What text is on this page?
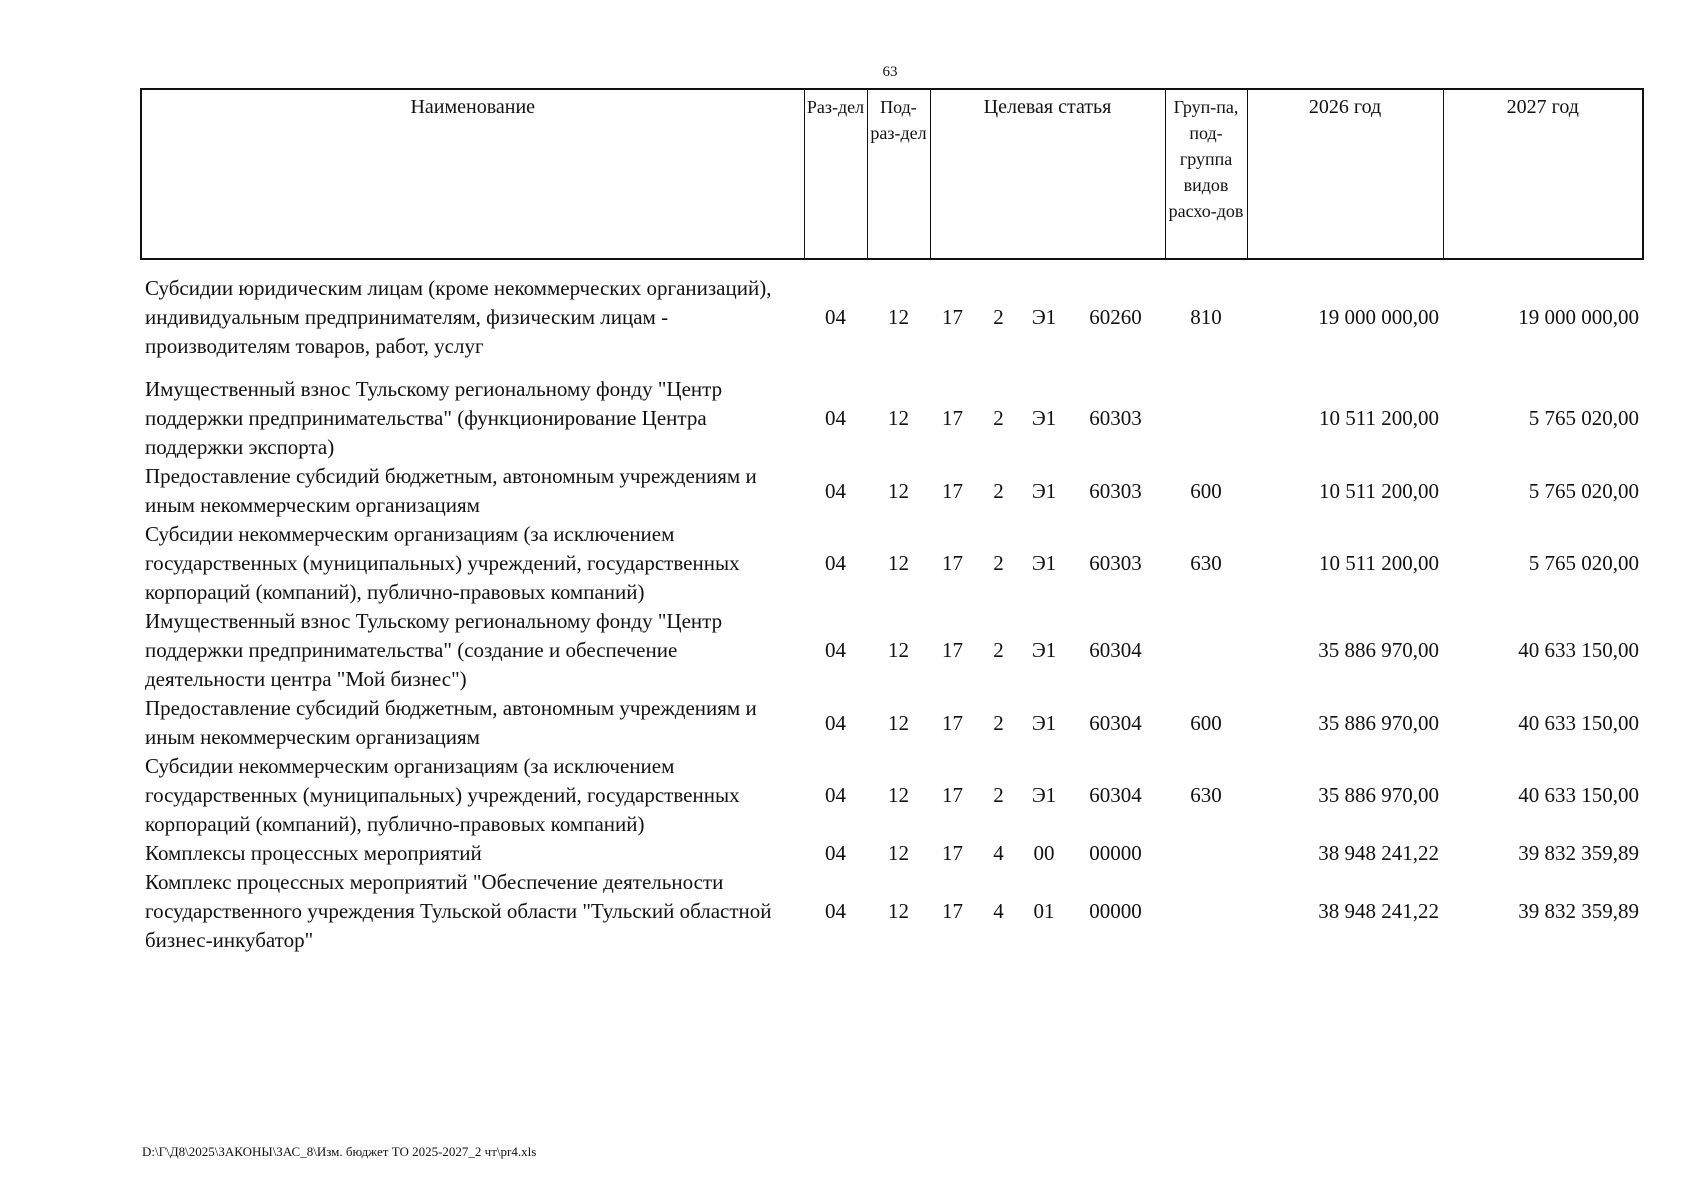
63
Наименование	Раз-дел	Под-раз-дел	Целевая статья				Груп-па, под-группа видов расхо-дов	2026 год	2027 год

Субсидии юридическим лицам (кроме некоммерческих организаций), индивидуальным предпринимателям, физическим лицам - производителям товаров, работ, услуг	04	12	17	2	Э1	60260	810	19 000 000,00	19 000 000,00
Имущественный взнос Тульскому региональному фонду "Центр поддержки предпринимательства" (функционирование Центра поддержки экспорта)	04	12	17	2	Э1	60303		10 511 200,00	5 765 020,00
Предоставление субсидий бюджетным, автономным учреждениям и иным некоммерческим организациям	04	12	17	2	Э1	60303	600	10 511 200,00	5 765 020,00
Субсидии некоммерческим организациям (за исключением государственных (муниципальных) учреждений, государственных корпораций (компаний), публично-правовых компаний)	04	12	17	2	Э1	60303	630	10 511 200,00	5 765 020,00
Имущественный взнос Тульскому региональному фонду "Центр поддержки предпринимательства" (создание и обеспечение деятельности центра "Мой бизнес")	04	12	17	2	Э1	60304		35 886 970,00	40 633 150,00
Предоставление субсидий бюджетным, автономным учреждениям и иным некоммерческим организациям	04	12	17	2	Э1	60304	600	35 886 970,00	40 633 150,00
Субсидии некоммерческим организациям (за исключением государственных (муниципальных) учреждений, государственных корпораций (компаний), публично-правовых компаний)	04	12	17	2	Э1	60304	630	35 886 970,00	40 633 150,00
Комплексы процессных мероприятий	04	12	17	4	00	00000		38 948 241,22	39 832 359,89
Комплекс процессных мероприятий "Обеспечение деятельности государственного учреждения Тульской области "Тульский областной бизнес-инкубатор"	04	12	17	4	01	00000		38 948 241,22	39 832 359,89
D:\Г\Д8\2025\ЗАКОНЫ\ЗАС_8\Изм. бюджет ТО 2025-2027_2 чт\pr4.xls
